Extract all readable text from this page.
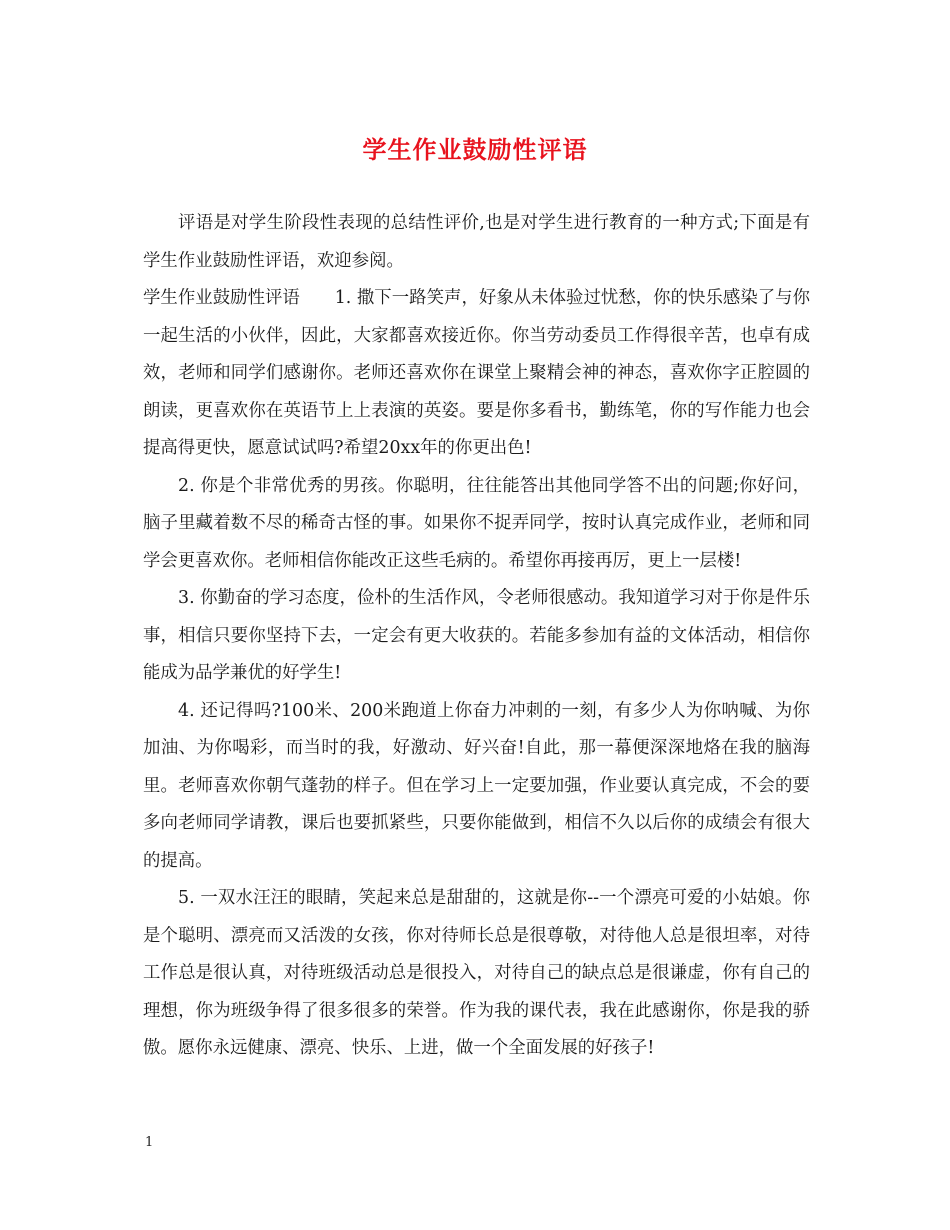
学生作业鼓励性评语

评语是对学生阶段性表现的总结性评价,也是对学生进行教育的一种方式;下面是有学生作业鼓励性评语，欢迎参阅。

学生作业鼓励性评语　　1. 撒下一路笑声，好象从未体验过忧愁，你的快乐感染了与你一起生活的小伙伴，因此，大家都喜欢接近你。你当劳动委员工作得很辛苦，也卓有成效，老师和同学们感谢你。老师还喜欢你在课堂上聚精会神的神态，喜欢你字正腔圆的朗读，更喜欢你在英语节上上表演的英姿。要是你多看书，勤练笔，你的写作能力也会提高得更快，愿意试试吗?希望20xx年的你更出色!

2. 你是个非常优秀的男孩。你聪明，往往能答出其他同学答不出的问题;你好问，脑子里藏着数不尽的稀奇古怪的事。如果你不捉弄同学，按时认真完成作业，老师和同学会更喜欢你。老师相信你能改正这些毛病的。希望你再接再厉，更上一层楼!

3. 你勤奋的学习态度，俭朴的生活作风，令老师很感动。我知道学习对于你是件乐事，相信只要你坚持下去，一定会有更大收获的。若能多参加有益的文体活动，相信你能成为品学兼优的好学生!

4. 还记得吗?100米、200米跑道上你奋力冲刺的一刻，有多少人为你呐喊、为你加油、为你喝彩，而当时的我，好激动、好兴奋!自此，那一幕便深深地烙在我的脑海里。老师喜欢你朝气蓬勃的样子。但在学习上一定要加强，作业要认真完成，不会的要多向老师同学请教，课后也要抓紧些，只要你能做到，相信不久以后你的成绩会有很大的提高。

5. 一双水汪汪的眼睛，笑起来总是甜甜的，这就是你--一个漂亮可爱的小姑娘。你是个聪明、漂亮而又活泼的女孩，你对待师长总是很尊敬，对待他人总是很坦率，对待工作总是很认真，对待班级活动总是很投入，对待自己的缺点总是很谦虚，你有自己的理想，你为班级争得了很多很多的荣誉。作为我的课代表，我在此感谢你，你是我的骄傲。愿你永远健康、漂亮、快乐、上进，做一个全面发展的好孩子!

1
